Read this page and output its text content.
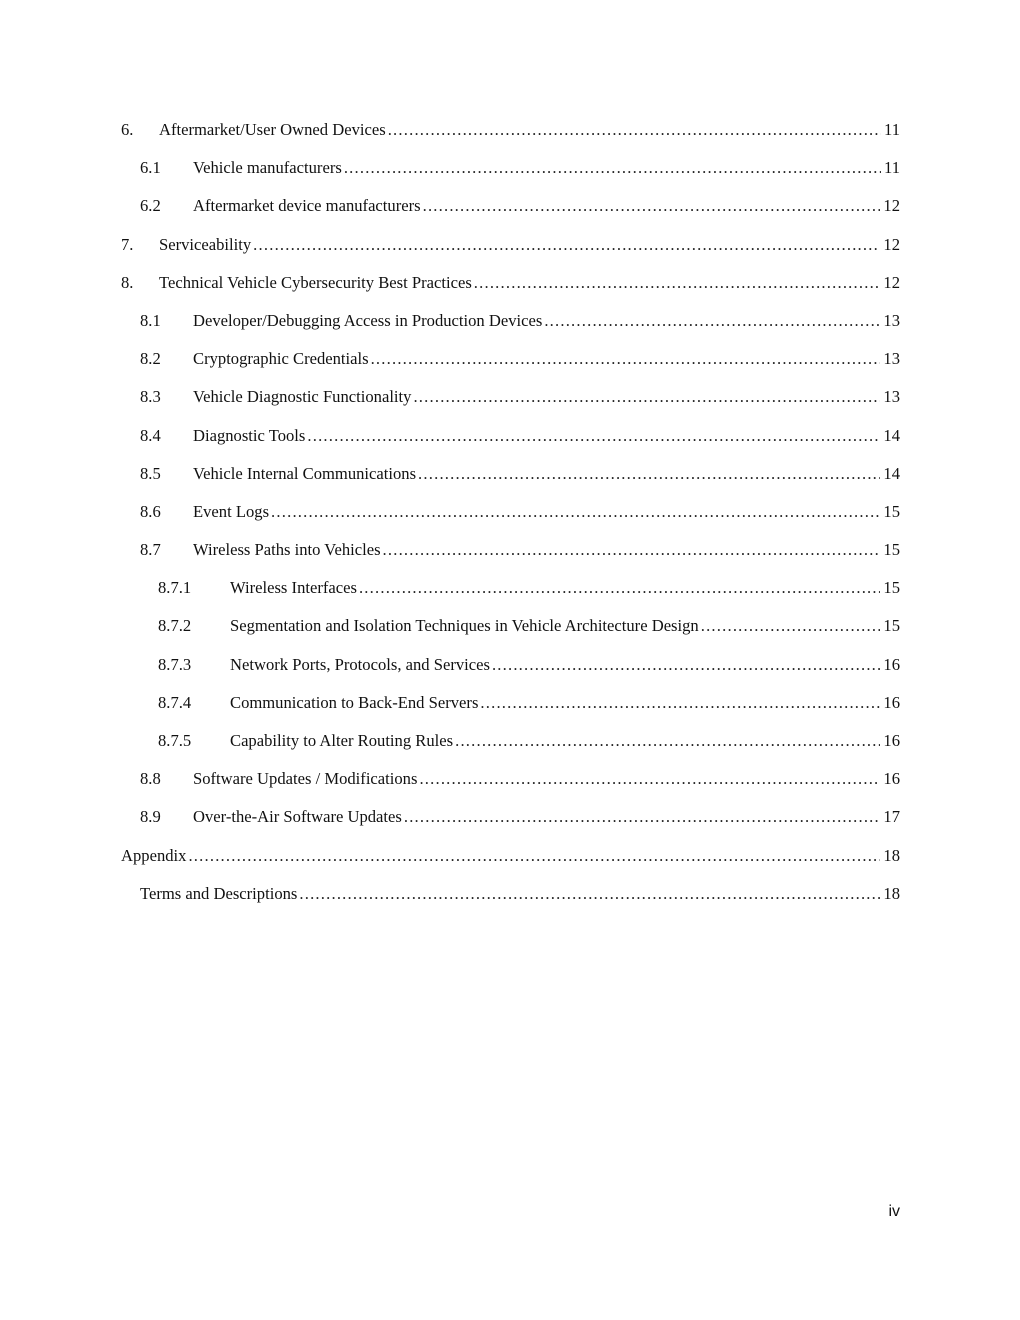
6.	Aftermarket/User Owned Devices .....	11
6.1	Vehicle manufacturers .....	11
6.2	Aftermarket device manufacturers .....	12
7.	Serviceability .....	12
8.	Technical Vehicle Cybersecurity Best Practices .....	12
8.1	Developer/Debugging Access in Production Devices .....	13
8.2	Cryptographic Credentials .....	13
8.3	Vehicle Diagnostic Functionality .....	13
8.4	Diagnostic Tools .....	14
8.5	Vehicle Internal Communications .....	14
8.6	Event Logs .....	15
8.7	Wireless Paths into Vehicles .....	15
8.7.1	Wireless Interfaces .....	15
8.7.2	Segmentation and Isolation Techniques in Vehicle Architecture Design .....	15
8.7.3	Network Ports, Protocols, and Services .....	16
8.7.4	Communication to Back-End Servers .....	16
8.7.5	Capability to Alter Routing Rules .....	16
8.8	Software Updates / Modifications .....	16
8.9	Over-the-Air Software Updates .....	17
Appendix .....	18
Terms and Descriptions .....	18
iv
